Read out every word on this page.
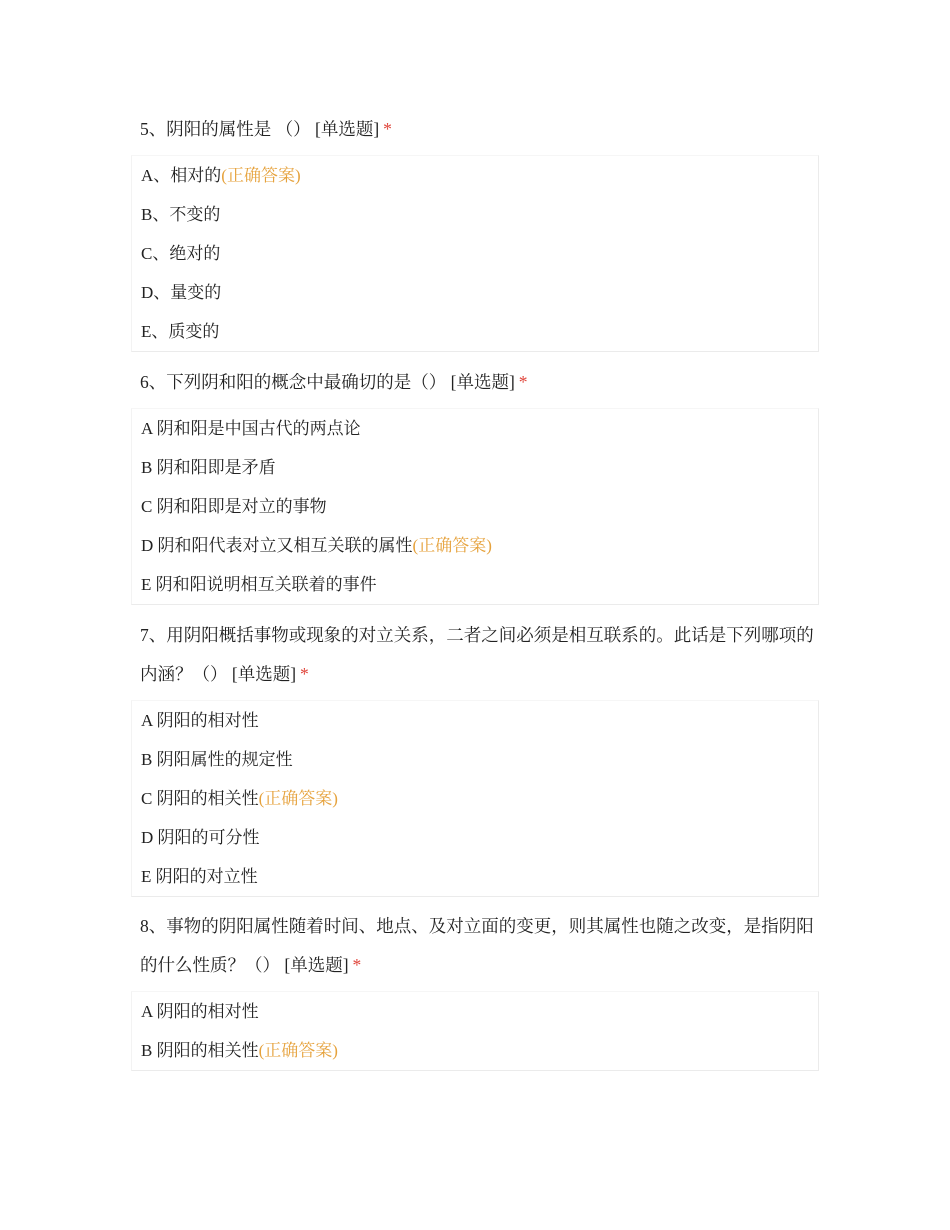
5、阴阳的属性是 （） [单选题] *
A、相对的(正确答案)
B、不变的
C、绝对的
D、量变的
E、质变的
6、下列阴和阳的概念中最确切的是（） [单选题] *
A 阴和阳是中国古代的两点论
B 阴和阳即是矛盾
C 阴和阳即是对立的事物
D 阴和阳代表对立又相互关联的属性(正确答案)
E 阴和阳说明相互关联着的事件
7、用阴阳概括事物或现象的对立关系，二者之间必须是相互联系的。此话是下列哪项的内涵？（） [单选题] *
A 阴阳的相对性
B 阴阳属性的规定性
C 阴阳的相关性(正确答案)
D 阴阳的可分性
E 阴阳的对立性
8、事物的阴阳属性随着时间、地点、及对立面的变更，则其属性也随之改变，是指阴阳的什么性质？（） [单选题] *
A 阴阳的相对性
B 阴阳的相关性(正确答案)
